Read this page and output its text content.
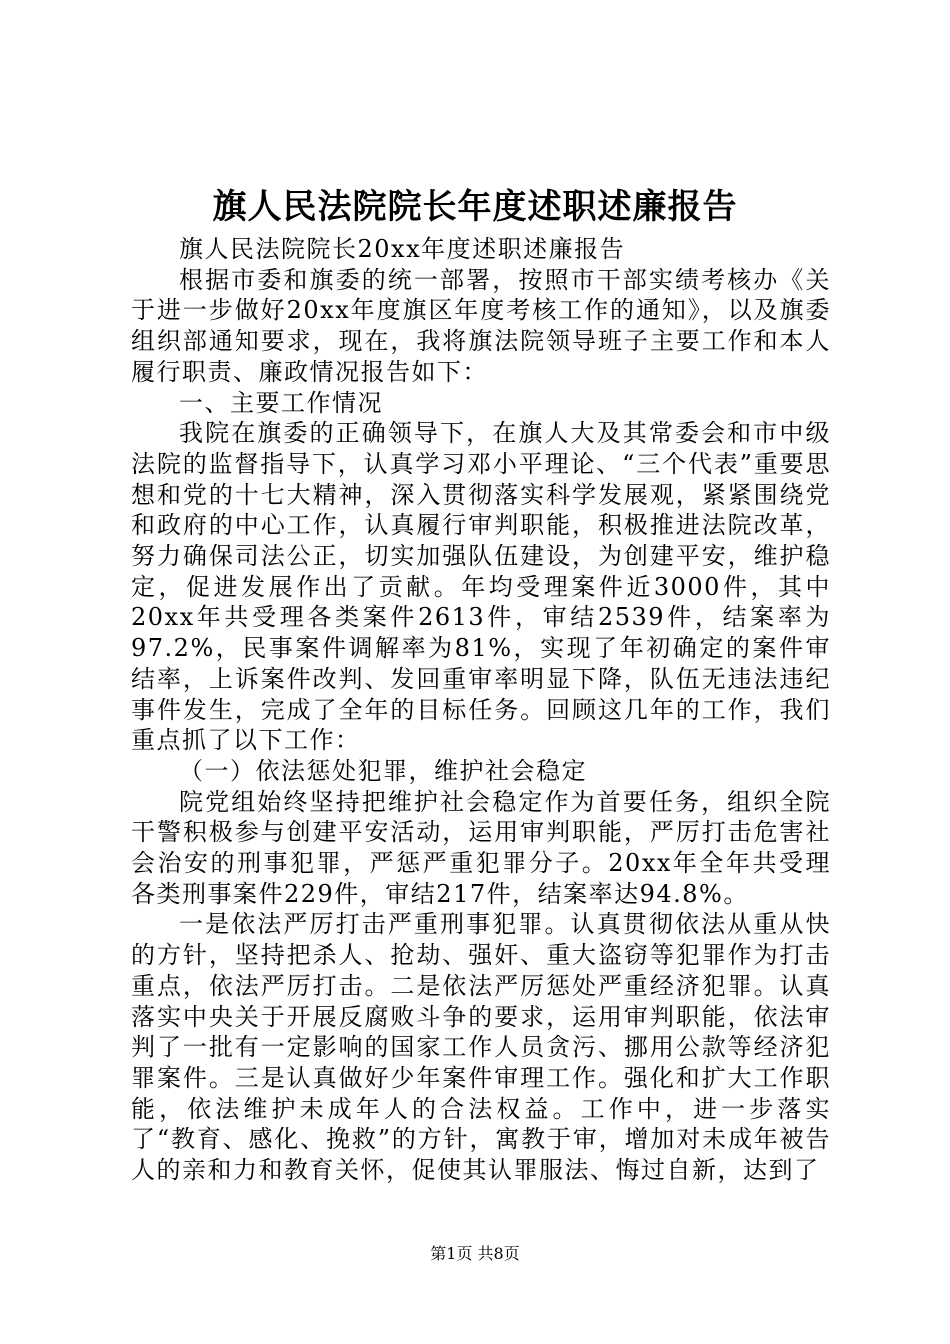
旗人民法院院长年度述职述廉报告

旗人民法院院长20xx年度述职述廉报告

根据市委和旗委的统一部署，按照市干部实绩考核办《关于进一步做好20xx年度旗区年度考核工作的通知》，以及旗委组织部通知要求，现在，我将旗法院领导班子主要工作和本人履行职责、廉政情况报告如下：

一、主要工作情况

我院在旗委的正确领导下，在旗人大及其常委会和市中级法院的监督指导下，认真学习邓小平理论、“三个代表”重要思想和党的十七大精神，深入贯彻落实科学发展观，紧紧围绕党和政府的中心工作，认真履行审判职能，积极推进法院改革，努力确保司法公正，切实加强队伍建设，为创建平安，维护稳定，促进发展作出了贡献。年均受理案件近3000件，其中20xx年共受理各类案件2613件，审结2539件，结案率为97.2%，民事案件调解率为81%，实现了年初确定的案件审结率，上诉案件改判、发回重审率明显下降，队伍无违法违纪事件发生，完成了全年的目标任务。回顾这几年的工作，我们重点抓了以下工作：

（一）依法惩处犯罪，维护社会稳定

院党组始终坚持把维护社会稳定作为首要任务，组织全院干警积极参与创建平安活动，运用审判职能，严厉打击危害社会治安的刑事犯罪，严惩严重犯罪分子。20xx年全年共受理各类刑事案件229件，审结217件，结案率达94.8%。

一是依法严厉打击严重刑事犯罪。认真贯彻依法从重从快的方针，坚持把杀人、抢劫、强奸、重大盗窃等犯罪作为打击重点，依法严厉打击。二是依法严厉惩处严重经济犯罪。认真落实中央关于开展反腐败斗争的要求，运用审判职能，依法审判了一批有一定影响的国家工作人员贪污、挪用公款等经济犯罪案件。三是认真做好少年案件审理工作。强化和扩大工作职能，依法维护未成年人的合法权益。工作中，进一步落实了“教育、感化、挽救”的方针，寓教于审，增加对未成年被告人的亲和力和教育关怀，促使其认罪服法、悔过自新，达到了

第1页 共8页
